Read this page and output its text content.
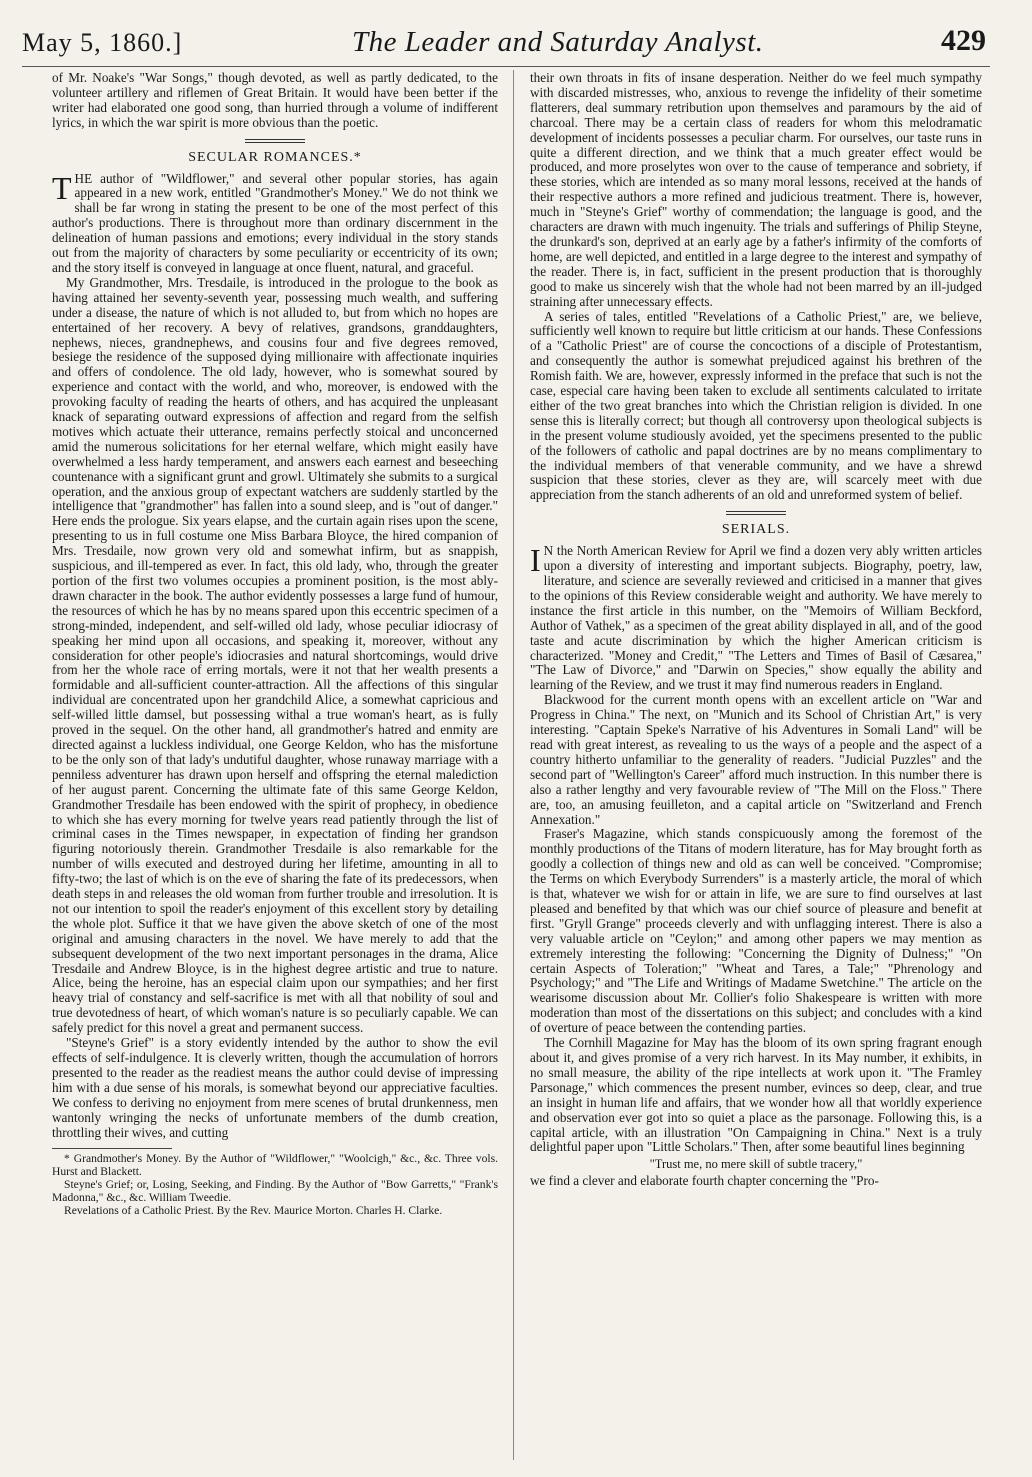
May 5, 1860.]	The Leader and Saturday Analyst.	429

of Mr. Noake's "War Songs," though devoted, as well as partly dedicated, to the volunteer artillery and riflemen of Great Britain. It would have been better if the writer had elaborated one good song, than hurried through a volume of indifferent lyrics, in which the war spirit is more obvious than the poetic.

SECULAR ROMANCES.*

THE author of "Wildflower," and several other popular stories, has again appeared in a new work, entitled "Grandmother's Money." We do not think we shall be far wrong in stating the present to be one of the most perfect of this author's productions. There is throughout more than ordinary discernment in the delineation of human passions and emotions; every individual in the story stands out from the majority of characters by some peculiarity or eccentricity of its own; and the story itself is conveyed in language at once fluent, natural, and graceful.

My Grandmother, Mrs. Tresdaile, is introduced in the prologue to the book as having attained her seventy-seventh year, possessing much wealth, and suffering under a disease, the nature of which is not alluded to, but from which no hopes are entertained of her recovery. A bevy of relatives, grandsons, granddaughters, nephews, nieces, grandnephews, and cousins four and five degrees removed, besiege the residence of the supposed dying millionaire with affectionate inquiries and offers of condolence. The old lady, however, who is somewhat soured by experience and contact with the world, and who, moreover, is endowed with the provoking faculty of reading the hearts of others, and has acquired the unpleasant knack of separating outward expressions of affection and regard from the selfish motives which actuate their utterance, remains perfectly stoical and unconcerned amid the numerous solicitations for her eternal welfare, which might easily have overwhelmed a less hardy temperament, and answers each earnest and beseeching countenance with a significant grunt and growl. Ultimately she submits to a surgical operation, and the anxious group of expectant watchers are suddenly startled by the intelligence that "grandmother" has fallen into a sound sleep, and is "out of danger." Here ends the prologue. Six years elapse, and the curtain again rises upon the scene, presenting to us in full costume one Miss Barbara Bloyce, the hired companion of Mrs. Tresdaile, now grown very old and somewhat infirm, but as snappish, suspicious, and ill-tempered as ever. In fact, this old lady, who, through the greater portion of the first two volumes occupies a prominent position, is the most ably-drawn character in the book. The author evidently possesses a large fund of humour, the resources of which he has by no means spared upon this eccentric specimen of a strong-minded, independent, and self-willed old lady, whose peculiar idiocrasy of speaking her mind upon all occasions, and speaking it, moreover, without any consideration for other people's idiocrasies and natural shortcomings, would drive from her the whole race of erring mortals, were it not that her wealth presents a formidable and all-sufficient counter-attraction. All the affections of this singular individual are concentrated upon her grandchild Alice, a somewhat capricious and self-willed little damsel, but possessing withal a true woman's heart, as is fully proved in the sequel. On the other hand, all grandmother's hatred and enmity are directed against a luckless individual, one George Keldon, who has the misfortune to be the only son of that lady's undutiful daughter, whose runaway marriage with a penniless adventurer has drawn upon herself and offspring the eternal malediction of her august parent. Concerning the ultimate fate of this same George Keldon, Grandmother Tresdaile has been endowed with the spirit of prophecy, in obedience to which she has every morning for twelve years read patiently through the list of criminal cases in the Times newspaper, in expectation of finding her grandson figuring notoriously therein. Grandmother Tresdaile is also remarkable for the number of wills executed and destroyed during her lifetime, amounting in all to fifty-two; the last of which is on the eve of sharing the fate of its predecessors, when death steps in and releases the old woman from further trouble and irresolution. It is not our intention to spoil the reader's enjoyment of this excellent story by detailing the whole plot. Suffice it that we have given the above sketch of one of the most original and amusing characters in the novel. We have merely to add that the subsequent development of the two next important personages in the drama, Alice Tresdaile and Andrew Bloyce, is in the highest degree artistic and true to nature. Alice, being the heroine, has an especial claim upon our sympathies; and her first heavy trial of constancy and self-sacrifice is met with all that nobility of soul and true devotedness of heart, of which woman's nature is so peculiarly capable. We can safely predict for this novel a great and permanent success.

"Steyne's Grief" is a story evidently intended by the author to show the evil effects of self-indulgence. It is cleverly written, though the accumulation of horrors presented to the reader as the readiest means the author could devise of impressing him with a due sense of his morals, is somewhat beyond our appreciative faculties. We confess to deriving no enjoyment from mere scenes of brutal drunkenness, men wantonly wringing the necks of unfortunate members of the dumb creation, throttling their wives, and cutting

* Grandmother's Money. By the Author of "Wildflower," "Woolcigh," &c., &c. Three vols. Hurst and Blackett.

Steyne's Grief; or, Losing, Seeking, and Finding. By the Author of "Bow Garretts," "Frank's Madonna," &c., &c. William Tweedie.

Revelations of a Catholic Priest. By the Rev. Maurice Morton. Charles H. Clarke.

their own throats in fits of insane desperation. Neither do we feel much sympathy with discarded mistresses, who, anxious to revenge the infidelity of their sometime flatterers, deal summary retribution upon themselves and paramours by the aid of charcoal. There may be a certain class of readers for whom this melodramatic development of incidents possesses a peculiar charm. For ourselves, our taste runs in quite a different direction, and we think that a much greater effect would be produced, and more proselytes won over to the cause of temperance and sobriety, if these stories, which are intended as so many moral lessons, received at the hands of their respective authors a more refined and judicious treatment. There is, however, much in "Steyne's Grief" worthy of commendation; the language is good, and the characters are drawn with much ingenuity. The trials and sufferings of Philip Steyne, the drunkard's son, deprived at an early age by a father's infirmity of the comforts of home, are well depicted, and entitled in a large degree to the interest and sympathy of the reader. There is, in fact, sufficient in the present production that is thoroughly good to make us sincerely wish that the whole had not been marred by an ill-judged straining after unnecessary effects.

A series of tales, entitled "Revelations of a Catholic Priest," are, we believe, sufficiently well known to require but little criticism at our hands. These Confessions of a "Catholic Priest" are of course the concoctions of a disciple of Protestantism, and consequently the author is somewhat prejudiced against his brethren of the Romish faith. We are, however, expressly informed in the preface that such is not the case, especial care having been taken to exclude all sentiments calculated to irritate either of the two great branches into which the Christian religion is divided. In one sense this is literally correct; but though all controversy upon theological subjects is in the present volume studiously avoided, yet the specimens presented to the public of the followers of catholic and papal doctrines are by no means complimentary to the individual members of that venerable community, and we have a shrewd suspicion that these stories, clever as they are, will scarcely meet with due appreciation from the stanch adherents of an old and unreformed system of belief.

SERIALS.

I N the North American Review for April we find a dozen very ably written articles upon a diversity of interesting and important subjects. Biography, poetry, law, literature, and science are severally reviewed and criticised in a manner that gives to the opinions of this Review considerable weight and authority. We have merely to instance the first article in this number, on the "Memoirs of William Beckford, Author of Vathek," as a specimen of the great ability displayed in all, and of the good taste and acute discrimination by which the higher American criticism is characterized. "Money and Credit," "The Letters and Times of Basil of Cæsarea," "The Law of Divorce," and "Darwin on Species," show equally the ability and learning of the Review, and we trust it may find numerous readers in England.

Blackwood for the current month opens with an excellent article on "War and Progress in China." The next, on "Munich and its School of Christian Art," is very interesting. "Captain Speke's Narrative of his Adventures in Somali Land" will be read with great interest, as revealing to us the ways of a people and the aspect of a country hitherto unfamiliar to the generality of readers. "Judicial Puzzles" and the second part of "Wellington's Career" afford much instruction. In this number there is also a rather lengthy and very favourable review of "The Mill on the Floss." There are, too, an amusing feuilleton, and a capital article on "Switzerland and French Annexation."

Fraser's Magazine, which stands conspicuously among the foremost of the monthly productions of the Titans of modern literature, has for May brought forth as goodly a collection of things new and old as can well be conceived. "Compromise; the Terms on which Everybody Surrenders" is a masterly article, the moral of which is that, whatever we wish for or attain in life, we are sure to find ourselves at last pleased and benefited by that which was our chief source of pleasure and benefit at first. "Gryll Grange" proceeds cleverly and with unflagging interest. There is also a very valuable article on "Ceylon;" and among other papers we may mention as extremely interesting the following: "Concerning the Dignity of Dulness;" "On certain Aspects of Toleration;" "Wheat and Tares, a Tale;" "Phrenology and Psychology;" and "The Life and Writings of Madame Swetchine." The article on the wearisome discussion about Mr. Collier's folio Shakespeare is written with more moderation than most of the dissertations on this subject; and concludes with a kind of overture of peace between the contending parties.

The Cornhill Magazine for May has the bloom of its own spring fragrant enough about it, and gives promise of a very rich harvest. In its May number, it exhibits, in no small measure, the ability of the ripe intellects at work upon it. "The Framley Parsonage," which commences the present number, evinces so deep, clear, and true an insight in human life and affairs, that we wonder how all that worldly experience and observation ever got into so quiet a place as the parsonage. Following this, is a capital article, with an illustration "On Campaigning in China." Next is a truly delightful paper upon "Little Scholars." Then, after some beautiful lines beginning

"Trust me, no mere skill of subtle tracery,"

we find a clever and elaborate fourth chapter concerning the "Pro-
